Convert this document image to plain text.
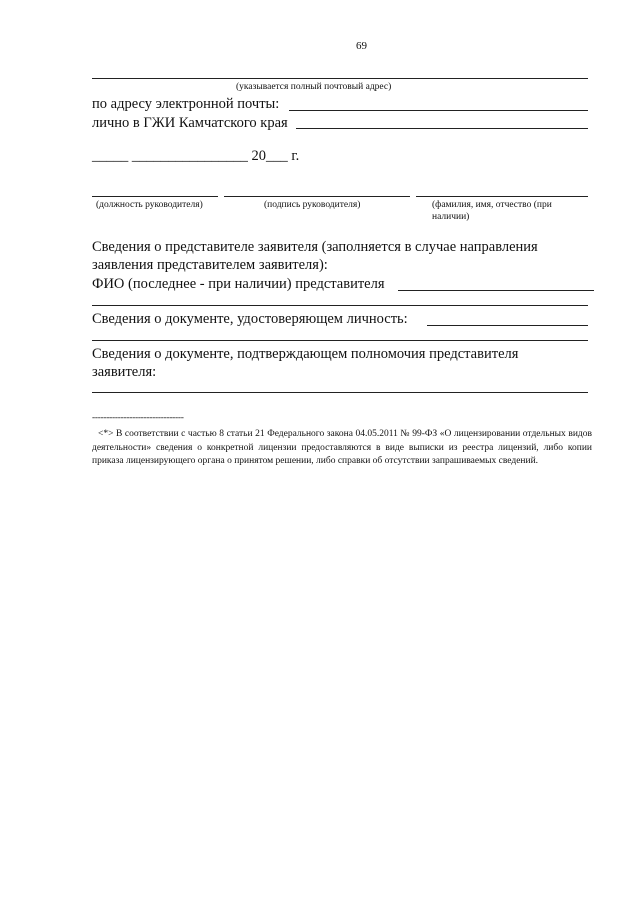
69
(указывается полный почтовый адрес)
по адресу электронной почты:
лично в ГЖИ Камчатского края
_____ ________________ 20___ г.
(должность руководителя)	(подпись руководителя)	(фамилия, имя, отчество (при
наличии)
Сведения о представителе заявителя (заполняется в случае направления
заявления представителем заявителя):
ФИО (последнее - при наличии) представителя
Сведения о документе, удостоверяющем личность:
Сведения о документе, подтверждающем полномочия представителя
заявителя:
--------------------------------
<*> В соответствии с частью 8 статьи 21 Федерального закона 04.05.2011 № 99-ФЗ «О лицензировании отдельных видов деятельности» сведения о конкретной лицензии предоставляются в виде выписки из реестра лицензий, либо копии приказа лицензирующего органа о принятом решении, либо справки об отсутствии запрашиваемых сведений.
